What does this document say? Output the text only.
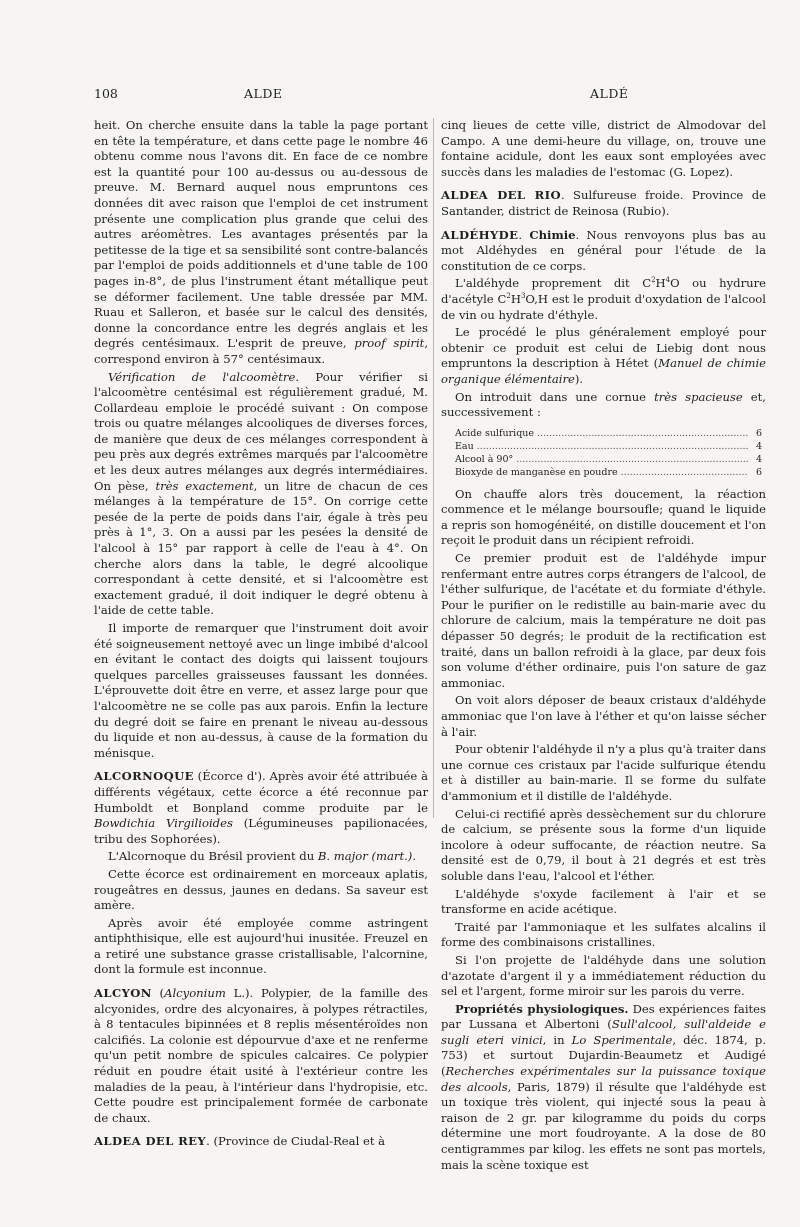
108	ALDE	ALDÉ

heit. On cherche ensuite dans la table la page portant en tête la température, et dans cette page le nombre 46 obtenu comme nous l'avons dit. En face de ce nombre est la quantité pour 100 au-dessus ou au-dessous de preuve. M. Bernard auquel nous empruntons ces données dit avec raison que l'emploi de cet instrument présente une complication plus grande que celui des autres aréomètres. Les avantages présentés par la petitesse de la tige et sa sensibilité sont contre-balancés par l'emploi de poids additionnels et d'une table de 100 pages in-8°, de plus l'instrument étant métallique peut se déformer facilement. Une table dressée par MM. Ruau et Salleron, et basée sur le calcul des densités, donne la concordance entre les degrés anglais et les degrés centésimaux. L'esprit de preuve, proof spirit, correspond environ à 57° centésimaux.

Vérification de l'alcoomètre. Pour vérifier si l'alcoomètre centésimal est régulièrement gradué, M. Collardeau emploie le procédé suivant : On compose trois ou quatre mélanges alcooliques de diverses forces, de manière que deux de ces mélanges correspondent à peu près aux degrés extrêmes marqués par l'alcoomètre et les deux autres mélanges aux degrés intermédiaires. On pèse, très exactement, un litre de chacun de ces mélanges à la température de 15°. On corrige cette pesée de la perte de poids dans l'air, égale à très peu près à 1°, 3. On a aussi par les pesées la densité de l'alcool à 15° par rapport à celle de l'eau à 4°. On cherche alors dans la table, le degré alcoolique correspondant à cette densité, et si l'alcoomètre est exactement gradué, il doit indiquer le degré obtenu à l'aide de cette table.

Il importe de remarquer que l'instrument doit avoir été soigneusement nettoyé avec un linge imbibé d'alcool en évitant le contact des doigts qui laissent toujours quelques parcelles graisseuses faussant les données. L'éprouvette doit être en verre, et assez large pour que l'alcoomètre ne se colle pas aux parois. Enfin la lecture du degré doit se faire en prenant le niveau au-dessous du liquide et non au-dessus, à cause de la formation du ménisque.

ALCORNOQUE (Écorce d'). Après avoir été attribuée à différents végétaux, cette écorce a été reconnue par Humboldt et Bonpland comme produite par le Bowdichia Virgilioides (Légumineuses papilionacées, tribu des Sophorées).

L'Alcornoque du Brésil provient du B. major (mart.).

Cette écorce est ordinairement en morceaux aplatis, rougeâtres en dessus, jaunes en dedans. Sa saveur est amère.

Après avoir été employée comme astringent antiphthisique, elle est aujourd'hui inusitée. Freuzel en a retiré une substance grasse cristallisable, l'alcornine, dont la formule est inconnue.

ALCYON (Alcyonium L.). Polypier, de la famille des alcyonides, ordre des alcyonaires, à polypes rétractiles, à 8 tentacules bipinnées et 8 replis mésentéroïdes non calcifiés. La colonie est dépourvue d'axe et ne renferme qu'un petit nombre de spicules calcaires. Ce polypier réduit en poudre était usité à l'extérieur contre les maladies de la peau, à l'intérieur dans l'hydropisie, etc. Cette poudre est principalement formée de carbonate de chaux.

ALDEA DEL REY. (Province de Ciudal-Real et à

cinq lieues de cette ville, district de Almodovar del Campo. A une demi-heure du village, on, trouve une fontaine acidule, dont les eaux sont employées avec succès dans les maladies de l'estomac (G. Lopez).

ALDEA DEL RIO. Sulfureuse froide. Province de Santander, district de Reinosa (Rubio).

ALDÉHYDE. Chimie. Nous renvoyons plus bas au mot Aldéhydes en général pour l'étude de la constitution de ce corps.

L'aldéhyde proprement dit $C^2H^4O$ ou hydrure d'acétyle $C^2H^3O,H$ est le produit d'oxydation de l'alcool de vin ou hydrate d'éthyle.

Le procédé le plus généralement employé pour obtenir ce produit est celui de Liebig dont nous empruntons la description à Hétet (Manuel de chimie organique élémentaire).

On introduit dans une cornue très spacieuse et, successivement :

Acide sulfurique .....	6
Eau .....	4
Alcool à 90° .....	4
Bioxyde de manganèse en poudre .....	6

On chauffe alors très doucement, la réaction commence et le mélange boursoufle; quand le liquide a repris son homogénéité, on distille doucement et l'on reçoit le produit dans un récipient refroidi.

Ce premier produit est de l'aldéhyde impur renfermant entre autres corps étrangers de l'alcool, de l'éther sulfurique, de l'acétate et du formiate d'éthyle. Pour le purifier on le redistille au bain-marie avec du chlorure de calcium, mais la température ne doit pas dépasser 50 degrés; le produit de la rectification est traité, dans un ballon refroidi à la glace, par deux fois son volume d'éther ordinaire, puis l'on sature de gaz ammoniac.

On voit alors déposer de beaux cristaux d'aldéhyde ammoniac que l'on lave à l'éther et qu'on laisse sécher à l'air.

Pour obtenir l'aldéhyde il n'y a plus qu'à traiter dans une cornue ces cristaux par l'acide sulfurique étendu et à distiller au bain-marie. Il se forme du sulfate d'ammonium et il distille de l'aldéhyde.

Celui-ci rectifié après dessèchement sur du chlorure de calcium, se présente sous la forme d'un liquide incolore à odeur suffocante, de réaction neutre. Sa densité est de 0,79, il bout à 21 degrés et est très soluble dans l'eau, l'alcool et l'éther.

L'aldéhyde s'oxyde facilement à l'air et se transforme en acide acétique.

Traité par l'ammoniaque et les sulfates alcalins il forme des combinaisons cristallines.

Si l'on projette de l'aldéhyde dans une solution d'azotate d'argent il y a immédiatement réduction du sel et l'argent, forme miroir sur les parois du verre.

Propriétés physiologiques. Des expériences faites par Lussana et Albertoni (Sull'alcool, sull'aldeide e sugli eteri vinici, in Lo Sperimentale, déc. 1874, p. 753) et surtout Dujardin-Beaumetz et Audigé (Recherches expérimentales sur la puissance toxique des alcools, Paris, 1879) il résulte que l'aldéhyde est un toxique très violent, qui injecté sous la peau à raison de 2 gr. par kilogramme du poids du corps détermine une mort foudroyante. A la dose de 80 centigrammes par kilog. les effets ne sont pas mortels, mais la scène toxique est
